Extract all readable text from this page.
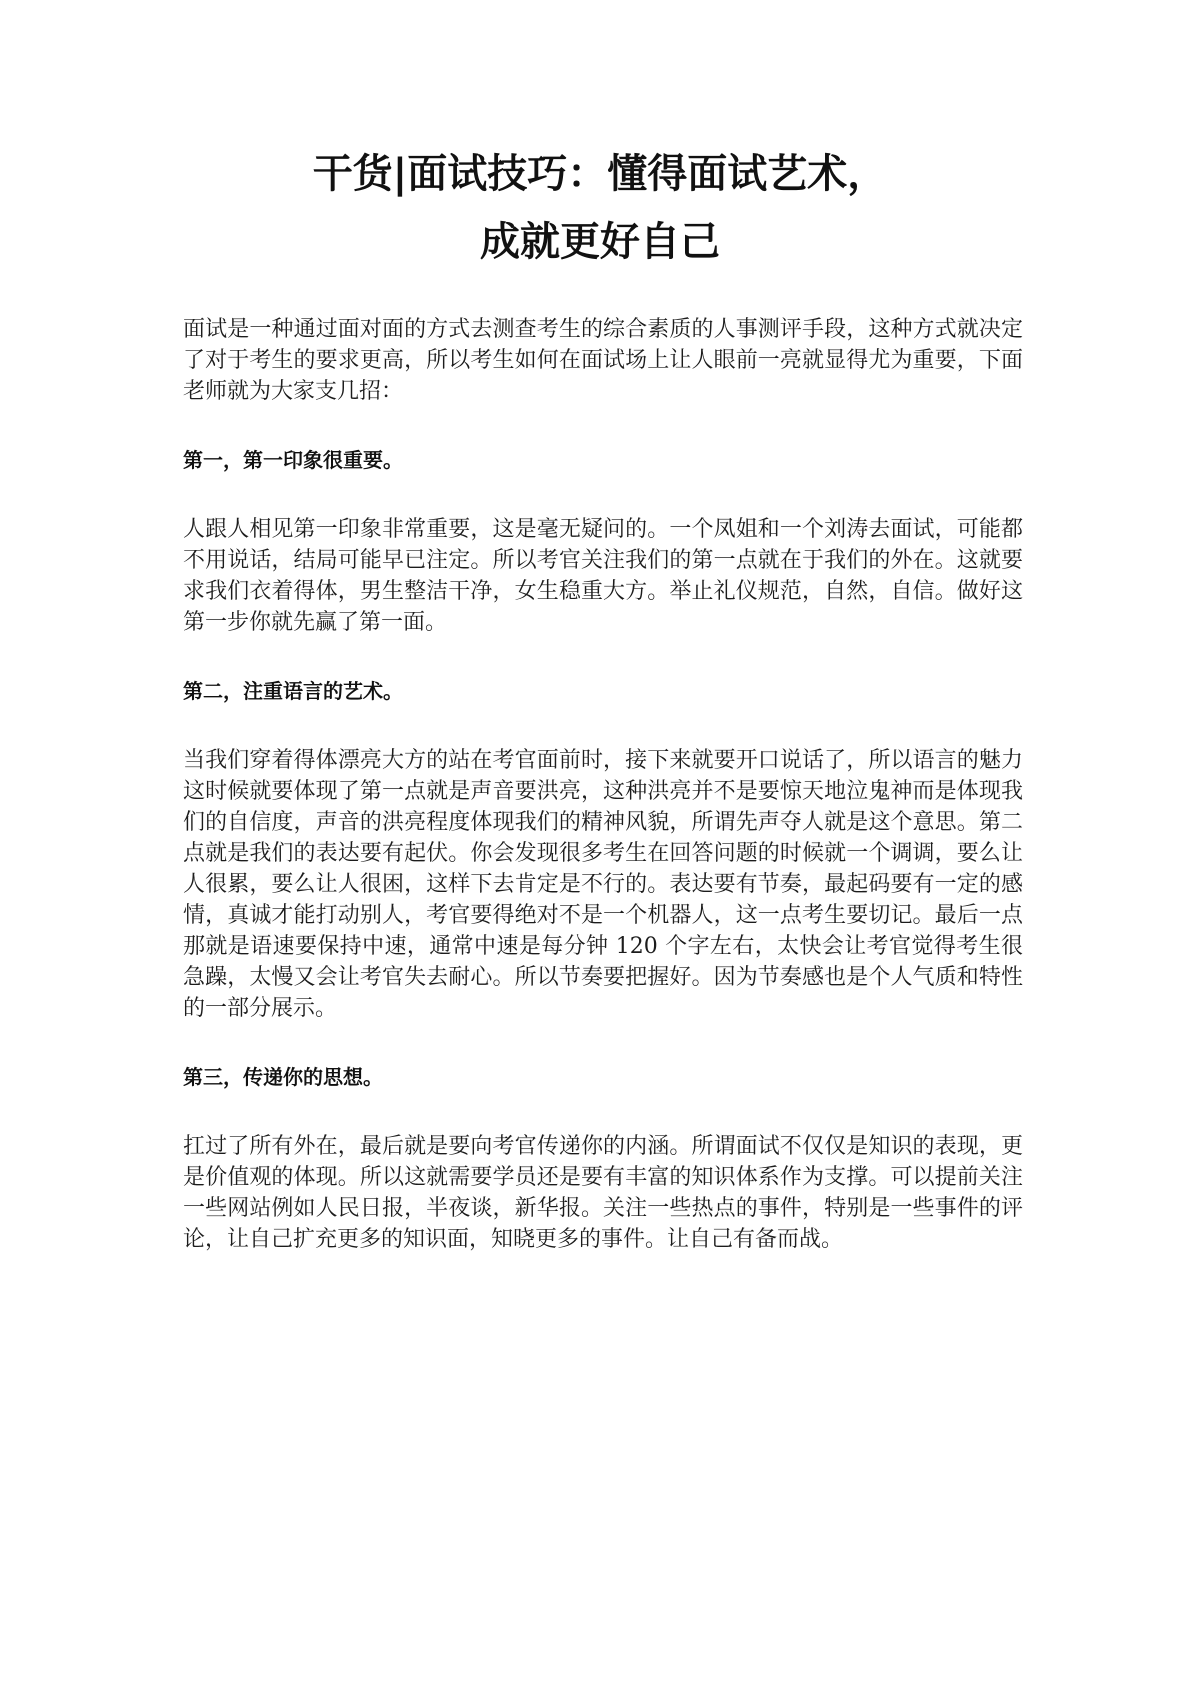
干货|面试技巧：懂得面试艺术，
成就更好自己

面试是一种通过面对面的方式去测查考生的综合素质的人事测评手段，这种方式就决定了对于考生的要求更高，所以考生如何在面试场上让人眼前一亮就显得尤为重要，下面老师就为大家支几招：

第一，第一印象很重要。

人跟人相见第一印象非常重要，这是毫无疑问的。一个凤姐和一个刘涛去面试，可能都不用说话，结局可能早已注定。所以考官关注我们的第一点就在于我们的外在。这就要求我们衣着得体，男生整洁干净，女生稳重大方。举止礼仪规范，自然，自信。做好这第一步你就先赢了第一面。

第二，注重语言的艺术。

当我们穿着得体漂亮大方的站在考官面前时，接下来就要开口说话了，所以语言的魅力这时候就要体现了第一点就是声音要洪亮，这种洪亮并不是要惊天地泣鬼神而是体现我们的自信度，声音的洪亮程度体现我们的精神风貌，所谓先声夺人就是这个意思。第二点就是我们的表达要有起伏。你会发现很多考生在回答问题的时候就一个调调，要么让人很累，要么让人很困，这样下去肯定是不行的。表达要有节奏，最起码要有一定的感情，真诚才能打动别人，考官要得绝对不是一个机器人，这一点考生要切记。最后一点那就是语速要保持中速，通常中速是每分钟 120 个字左右，太快会让考官觉得考生很急躁，太慢又会让考官失去耐心。所以节奏要把握好。因为节奏感也是个人气质和特性的一部分展示。

第三，传递你的思想。

扛过了所有外在，最后就是要向考官传递你的内涵。所谓面试不仅仅是知识的表现，更是价值观的体现。所以这就需要学员还是要有丰富的知识体系作为支撑。可以提前关注一些网站例如人民日报，半夜谈，新华报。关注一些热点的事件，特别是一些事件的评论，让自己扩充更多的知识面，知晓更多的事件。让自己有备而战。
